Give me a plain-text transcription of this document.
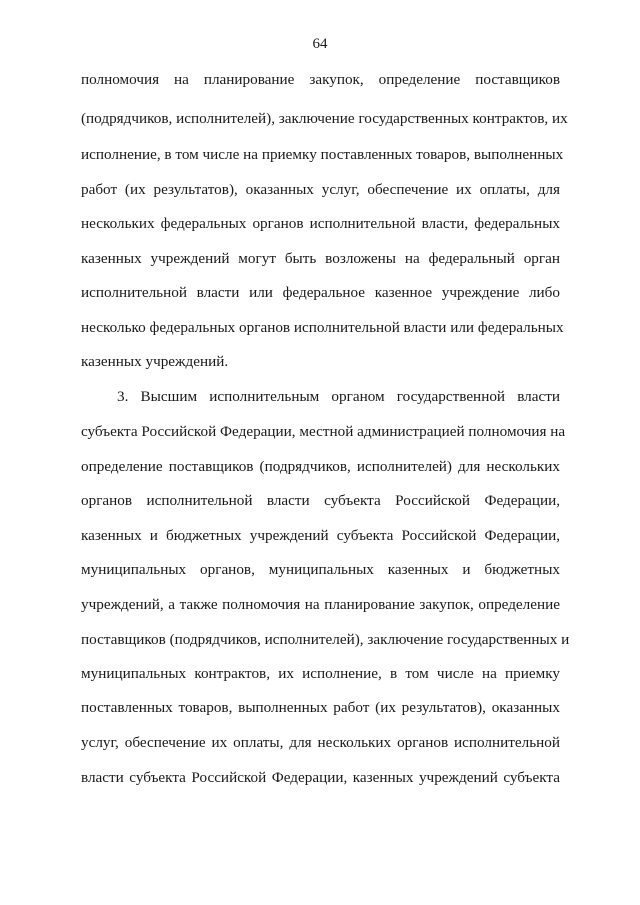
64
полномочия на планирование закупок, определение поставщиков
(подрядчиков, исполнителей), заключение государственных контрактов, их
исполнение, в том числе на приемку поставленных товаров, выполненных
работ (их результатов), оказанных услуг, обеспечение их оплаты, для
нескольких федеральных органов исполнительной власти, федеральных
казенных учреждений могут быть возложены на федеральный орган
исполнительной власти или федеральное казенное учреждение либо
несколько федеральных органов исполнительной власти или федеральных
казенных учреждений.
3. Высшим исполнительным органом государственной власти
субъекта Российской Федерации, местной администрацией полномочия на
определение поставщиков (подрядчиков, исполнителей) для нескольких
органов исполнительной власти субъекта Российской Федерации,
казенных и бюджетных учреждений субъекта Российской Федерации,
муниципальных органов, муниципальных казенных и бюджетных
учреждений, а также полномочия на планирование закупок, определение
поставщиков (подрядчиков, исполнителей), заключение государственных и
муниципальных контрактов, их исполнение, в том числе на приемку
поставленных товаров, выполненных работ (их результатов), оказанных
услуг, обеспечение их оплаты, для нескольких органов исполнительной
власти субъекта Российской Федерации, казенных учреждений субъекта
